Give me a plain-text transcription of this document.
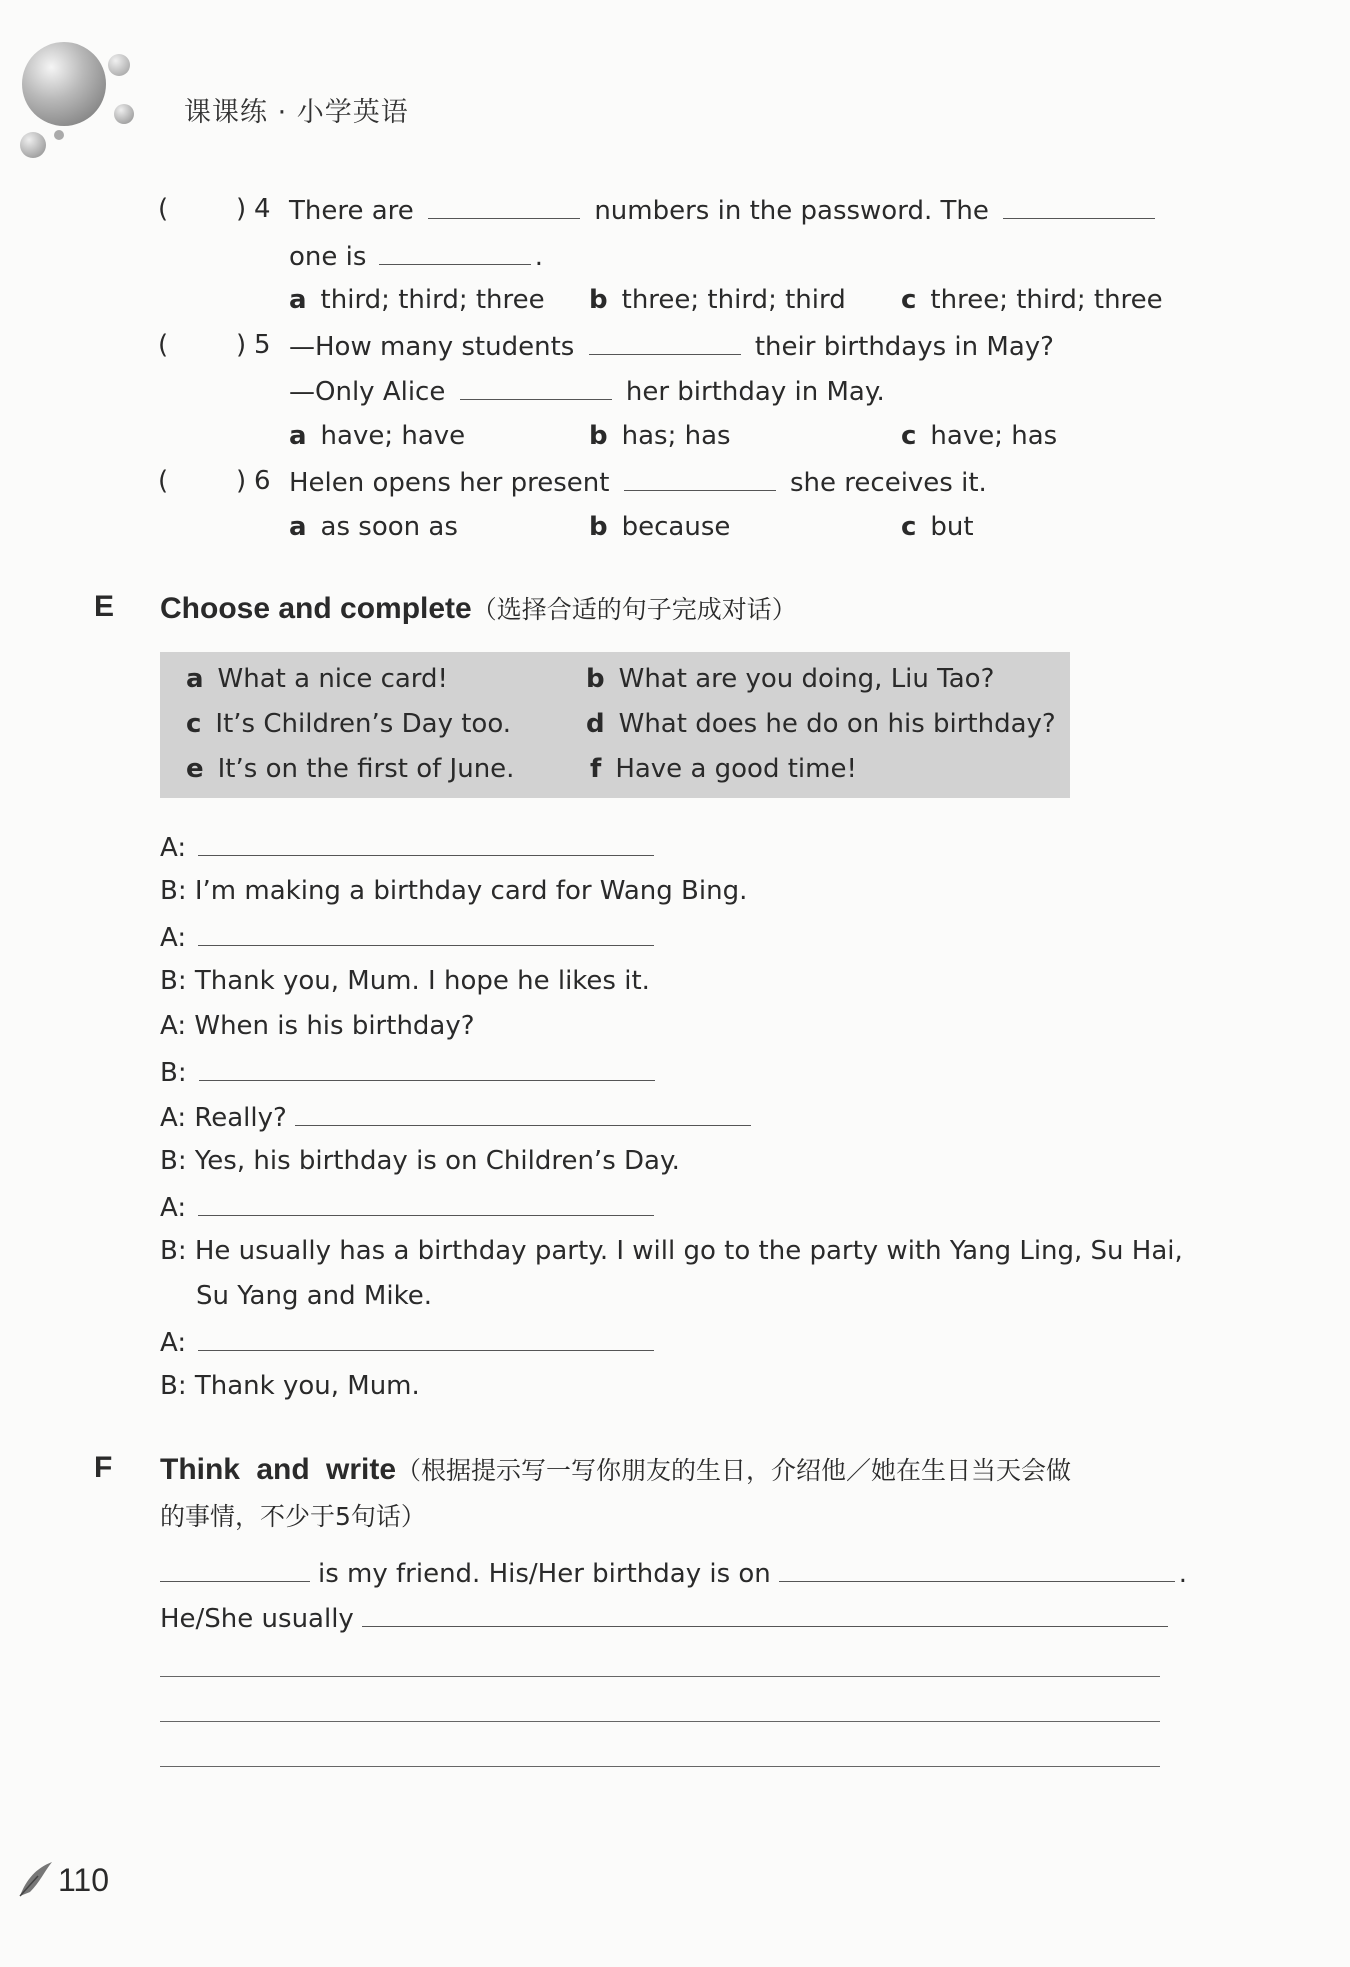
课课练 · 小学英语
(	) 4 There are	numbers in the password. The
one is	.
a third; third; three b three; third; third c three; third; three
(	) 5 —How many students	their birthdays in May?
—Only Alice	her birthday in May.
a have; have	b has; has	c have; has
(	) 6 Helen opens her present	she receives it.
a as soon as	b because	c but
E Choose and complete（选择合适的句子完成对话）
a What a nice card!	b What are you doing, Liu Tao?
c It’s Children’s Day too.	d What does he do on his birthday?
e It’s on the first of June.	f Have a good time!
A:
B: I’m making a birthday card for Wang Bing.
A:
B: Thank you, Mum. I hope he likes it.
A: When is his birthday?
B:
A: Really?
B: Yes, his birthday is on Children’s Day.
A:
B: He usually has a birthday party. I will go to the party with Yang Ling, Su Hai,
Su Yang and Mike.
A:
B: Thank you, Mum.
F Think and write（根据提示写一写你朋友的生日，介绍他／她在生日当天会做
的事情，不少于5句话）
is my friend. His/Her birthday is on	.
He/She usually
110
